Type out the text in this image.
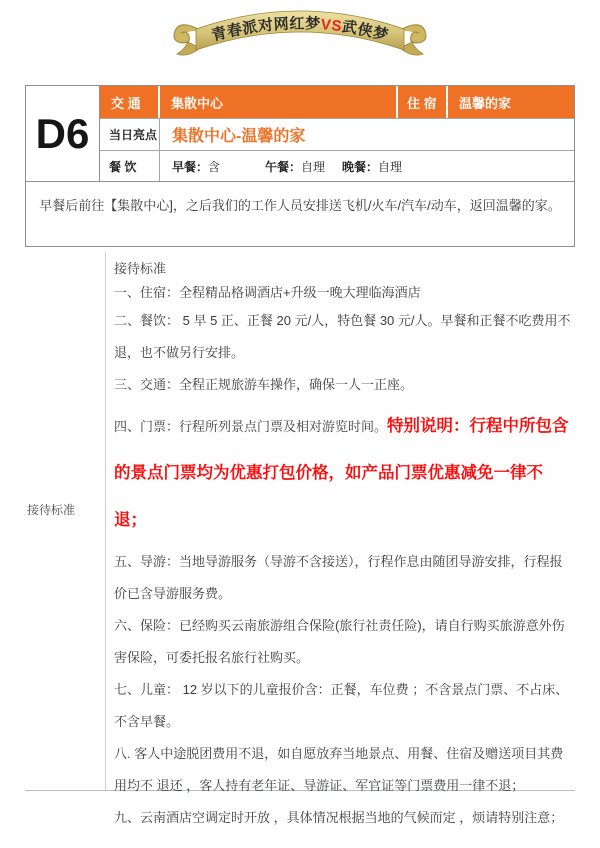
青春派对网红梦VS武侠梦
D6
交 通	集散中心	住 宿	温馨的家
当日亮点 集散中心-温馨的家
餐 饮	早餐：含	午餐：自理	晚餐：自理
早餐后前往【集散中心]，之后我们的工作人员安排送飞机/火车/汽车/动车，返回温馨的家。
接待标准

接待标准

一、住宿：全程精品格调酒店+升级一晚大理临海酒店

二、餐饮： 5 早 5 正、正餐 20 元/人，特色餐 30 元/人。早餐和正餐不吃费用不退，也不做另行安排。

三、交通：全程正规旅游车操作，确保一人一正座。

四、门票：行程所列景点门票及相对游览时间。特别说明：行程中所包含的景点门票均为优惠打包价格，如产品门票优惠减免一律不退；

五、导游：当地导游服务（导游不含接送），行程作息由随团导游安排，行程报价已含导游服务费。

六、保险：已经购买云南旅游组合保险(旅行社责任险)，请自行购买旅游意外伤害保险，可委托报名旅行社购买。

七、儿童： 12 岁以下的儿童报价含：正餐，车位费 ；不含景点门票、不占床、不含早餐。

八. 客人中途脱团费用不退，如自愿放弃当地景点、用餐、住宿及赠送项目其费用均不 退还 ，客人持有老年证、导游证、军官证等门票费用一律不退；

九、云南酒店空调定时开放 ，具体情况根据当地的气候而定 ，烦请特别注意；
